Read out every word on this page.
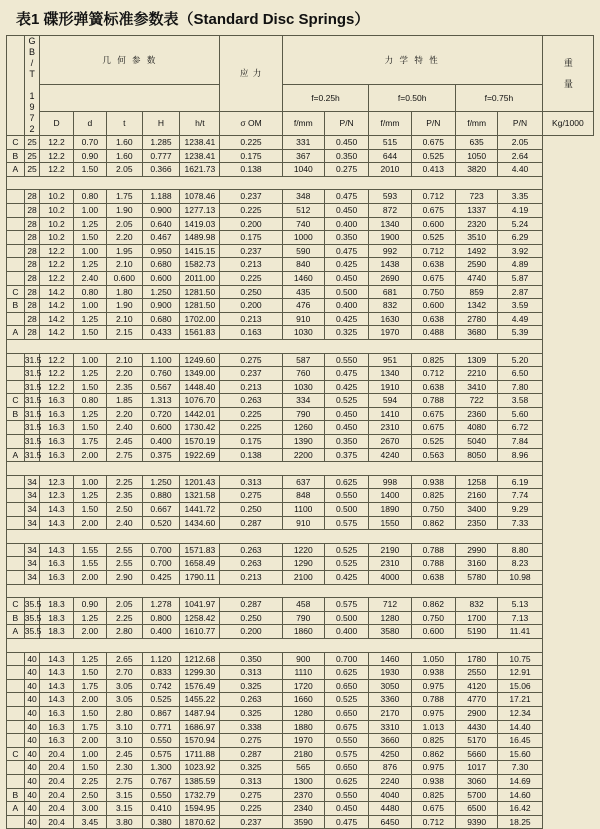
表1 碟形弹簧标准参数表（Standard Disc Springs）

	GB/T 1972	几 何 参 数					应 力	力 学 特 性						重 量

								f=0.25h		f=0.50h		f=0.75h		
		D	d	t	H	h/t	σ OM	f/mm	P/N	f/mm	P/N	f/mm	P/N	Kg/1000
C	25	12.2	0.70	1.60	1.285	1238.41	0.225	331	0.450	515	0.675	635	2.05	
B	25	12.2	0.90	1.60	0.777	1238.41	0.175	367	0.350	644	0.525	1050	2.64	
A	25	12.2	1.50	2.05	0.366	1621.73	0.138	1040	0.275	2010	0.413	3820	4.40	

	28	10.2	0.80	1.75	1.188	1078.46	0.237	348	0.475	593	0.712	723	3.35	
	28	10.2	1.00	1.90	0.900	1277.13	0.225	512	0.450	872	0.675	1337	4.19	
	28	10.2	1.25	2.05	0.640	1419.03	0.200	740	0.400	1340	0.600	2320	5.24	
	28	10.2	1.50	2.20	0.467	1489.98	0.175	1000	0.350	1900	0.525	3510	6.29	
	28	12.2	1.00	1.95	0.950	1415.15	0.237	590	0.475	992	0.712	1492	3.92	
	28	12.2	1.25	2.10	0.680	1582.73	0.213	840	0.425	1438	0.638	2590	4.89	
	28	12.2	2.40	0.600	0.600	2011.00	0.225	1460	0.450	2690	0.675	4740	5.87	
C	28	14.2	0.80	1.80	1.250	1281.50	0.250	435	0.500	681	0.750	859	2.87	
B	28	14.2	1.00	1.90	0.900	1281.50	0.200	476	0.400	832	0.600	1342	3.59	
	28	14.2	1.25	2.10	0.680	1702.00	0.213	910	0.425	1630	0.638	2780	4.49	
A	28	14.2	1.50	2.15	0.433	1561.83	0.163	1030	0.325	1970	0.488	3680	5.39	

	31.5	12.2	1.00	2.10	1.100	1249.60	0.275	587	0.550	951	0.825	1309	5.20	
	31.5	12.2	1.25	2.20	0.760	1349.00	0.237	760	0.475	1340	0.712	2210	6.50	
	31.5	12.2	1.50	2.35	0.567	1448.40	0.213	1030	0.425	1910	0.638	3410	7.80	
C	31.5	16.3	0.80	1.85	1.313	1076.70	0.263	334	0.525	594	0.788	722	3.58	
B	31.5	16.3	1.25	2.20	0.720	1442.01	0.225	790	0.450	1410	0.675	2360	5.60	
	31.5	16.3	1.50	2.40	0.600	1730.42	0.225	1260	0.450	2310	0.675	4080	6.72	
	31.5	16.3	1.75	2.45	0.400	1570.19	0.175	1390	0.350	2670	0.525	5040	7.84	
A	31.5	16.3	2.00	2.75	0.375	1922.69	0.138	2200	0.375	4240	0.563	8050	8.96	

	34	12.3	1.00	2.25	1.250	1201.43	0.313	637	0.625	998	0.938	1258	6.19	
	34	12.3	1.25	2.35	0.880	1321.58	0.275	848	0.550	1400	0.825	2160	7.74	
	34	14.3	1.50	2.50	0.667	1441.72	0.250	1100	0.500	1890	0.750	3400	9.29	
	34	14.3	2.00	2.40	0.520	1434.60	0.287	910	0.575	1550	0.862	2350	7.33	

	34	14.3	1.55	2.55	0.700	1571.83	0.263	1220	0.525	2190	0.788	2990	8.80	
	34	16.3	1.55	2.55	0.700	1658.49	0.263	1290	0.525	2310	0.788	3160	8.23	
	34	16.3	2.00	2.90	0.425	1790.11	0.213	2100	0.425	4000	0.638	5780	10.98	

C	35.5	18.3	0.90	2.05	1.278	1041.97	0.287	458	0.575	712	0.862	832	5.13	
B	35.5	18.3	1.25	2.25	0.800	1258.42	0.250	790	0.500	1280	0.750	1700	7.13	
A	35.5	18.3	2.00	2.80	0.400	1610.77	0.200	1860	0.400	3580	0.600	5190	11.41	

	40	14.3	1.25	2.65	1.120	1212.68	0.350	900	0.700	1460	1.050	1780	10.75	
	40	14.3	1.50	2.70	0.833	1299.30	0.313	1110	0.625	1930	0.938	2550	12.91	
	40	14.3	1.75	3.05	0.742	1576.49	0.325	1720	0.650	3050	0.975	4120	15.06	
	40	14.3	2.00	3.05	0.525	1455.22	0.263	1660	0.525	3360	0.788	4770	17.21	
	40	16.3	1.50	2.80	0.867	1487.94	0.325	1280	0.650	2170	0.975	2900	12.34	
	40	16.3	1.75	3.10	0.771	1686.97	0.338	1880	0.675	3310	1.013	4430	14.40	
	40	16.3	2.00	3.10	0.550	1570.94	0.275	1970	0.550	3660	0.825	5170	16.45	
C	40	20.4	1.00	2.45	0.575	1711.88	0.287	2180	0.575	4250	0.862	5660	15.60	
	40	20.4	1.50	2.30	1.300	1023.92	0.325	565	0.650	876	0.975	1017	7.30	
	40	20.4	2.25	2.75	0.767	1385.59	0.313	1300	0.625	2240	0.938	3060	14.69	
B	40	20.4	2.50	3.15	0.550	1732.79	0.275	2370	0.550	4040	0.825	5700	14.60	
A	40	20.4	3.00	3.15	0.410	1594.95	0.225	2340	0.450	4480	0.675	6500	16.42	
	40	20.4	3.45	3.80	0.380	1870.62	0.237	3590	0.475	6450	0.712	9390	18.25	
